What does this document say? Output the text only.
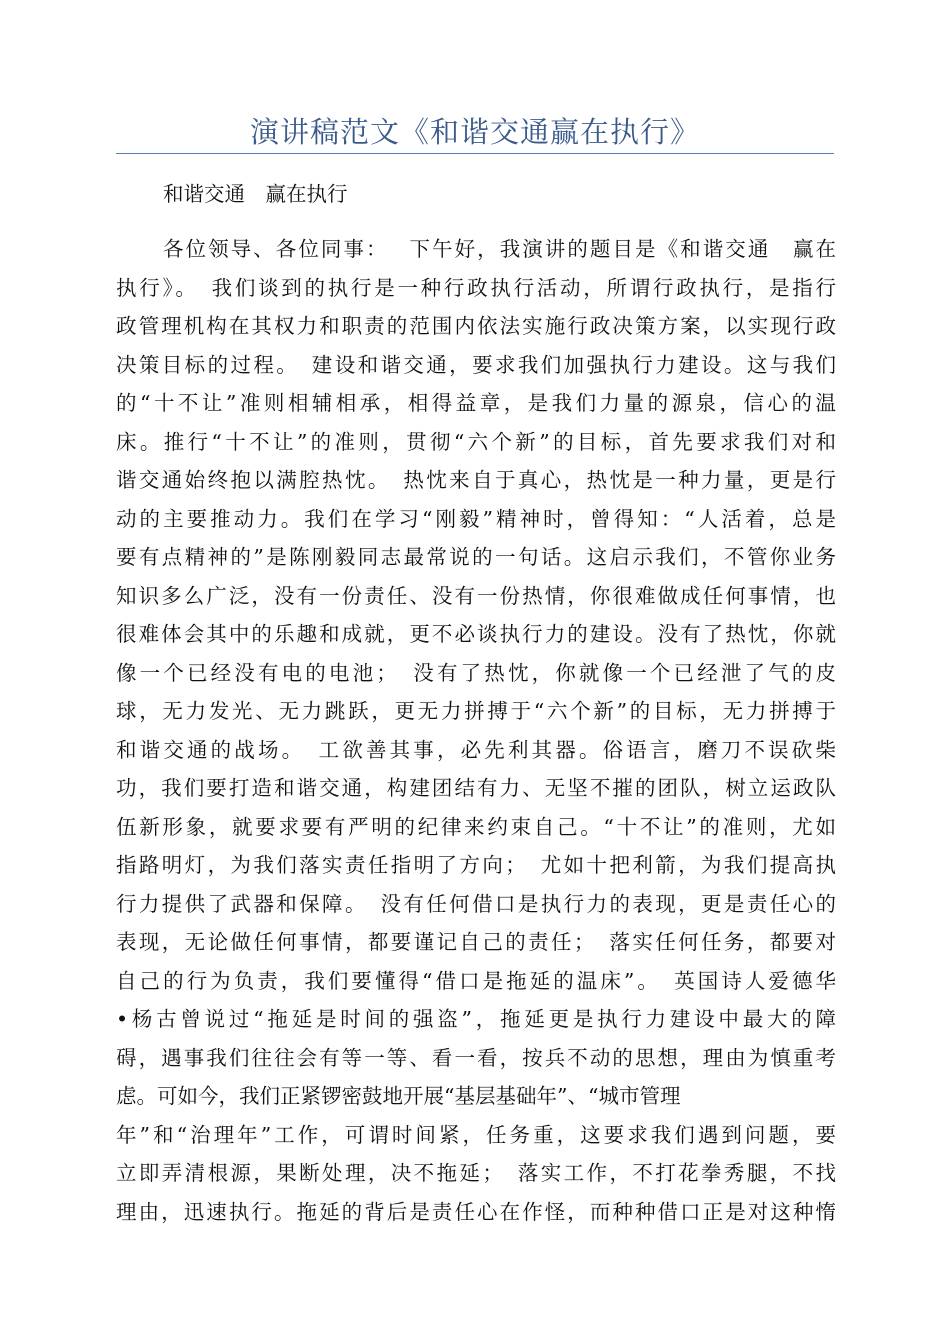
演讲稿范文《和谐交通赢在执行》
和谐交通　赢在执行
各位领导、各位同事：　 下午好，我演讲的题目是《和谐交通　赢在
执行》。　我们谈到的执行是一种行政执行活动，所谓行政执行，是指行
政管理机构在其权力和职责的范围内依法实施行政决策方案，以实现行政
决策目标的过程。　建设和谐交通，要求我们加强执行力建设。这与我们
的“十不让”准则相辅相承，相得益章，是我们力量的源泉，信心的温
床。推行“十不让”的准则，贯彻“六个新”的目标，首先要求我们对和
谐交通始终抱以满腔热忱。　热忱来自于真心，热忱是一种力量，更是行
动的主要推动力。我们在学习“刚毅”精神时，曾得知：“人活着，总是
要有点精神的”是陈刚毅同志最常说的一句话。这启示我们，不管你业务
知识多么广泛，没有一份责任、没有一份热情，你很难做成任何事情，也
很难体会其中的乐趣和成就，更不必谈执行力的建设。没有了热忱，你就
像一个已经没有电的电池；　没有了热忱，你就像一个已经泄了气的皮
球，无力发光、无力跳跃，更无力拼搏于“六个新”的目标，无力拼搏于
和谐交通的战场。　工欲善其事，必先利其器。俗语言，磨刀不误砍柴
功，我们要打造和谐交通，构建团结有力、无坚不摧的团队，树立运政队
伍新形象，就要求要有严明的纪律来约束自己。“十不让”的准则，尤如
指路明灯，为我们落实责任指明了方向；　尤如十把利箭，为我们提高执
行力提供了武器和保障。　没有任何借口是执行力的表现，更是责任心的
表现，无论做任何事情，都要谨记自己的责任；　落实任何任务，都要对
自己的行为负责，我们要懂得“借口是拖延的温床”。　英国诗人爱德华
•杨古曾说过“拖延是时间的强盗”，拖延更是执行力建设中最大的障
碍，遇事我们往往会有等一等、看一看，按兵不动的思想，理由为慎重考
虑。可如今，我们正紧锣密鼓地开展“基层基础年”、“城市管理
年”和“治理年”工作，可谓时间紧，任务重，这要求我们遇到问题，要
立即弄清根源，果断处理，决不拖延；　落实工作，不打花拳秀腿，不找
理由，迅速执行。拖延的背后是责任心在作怪，而种种借口正是对这种惰
